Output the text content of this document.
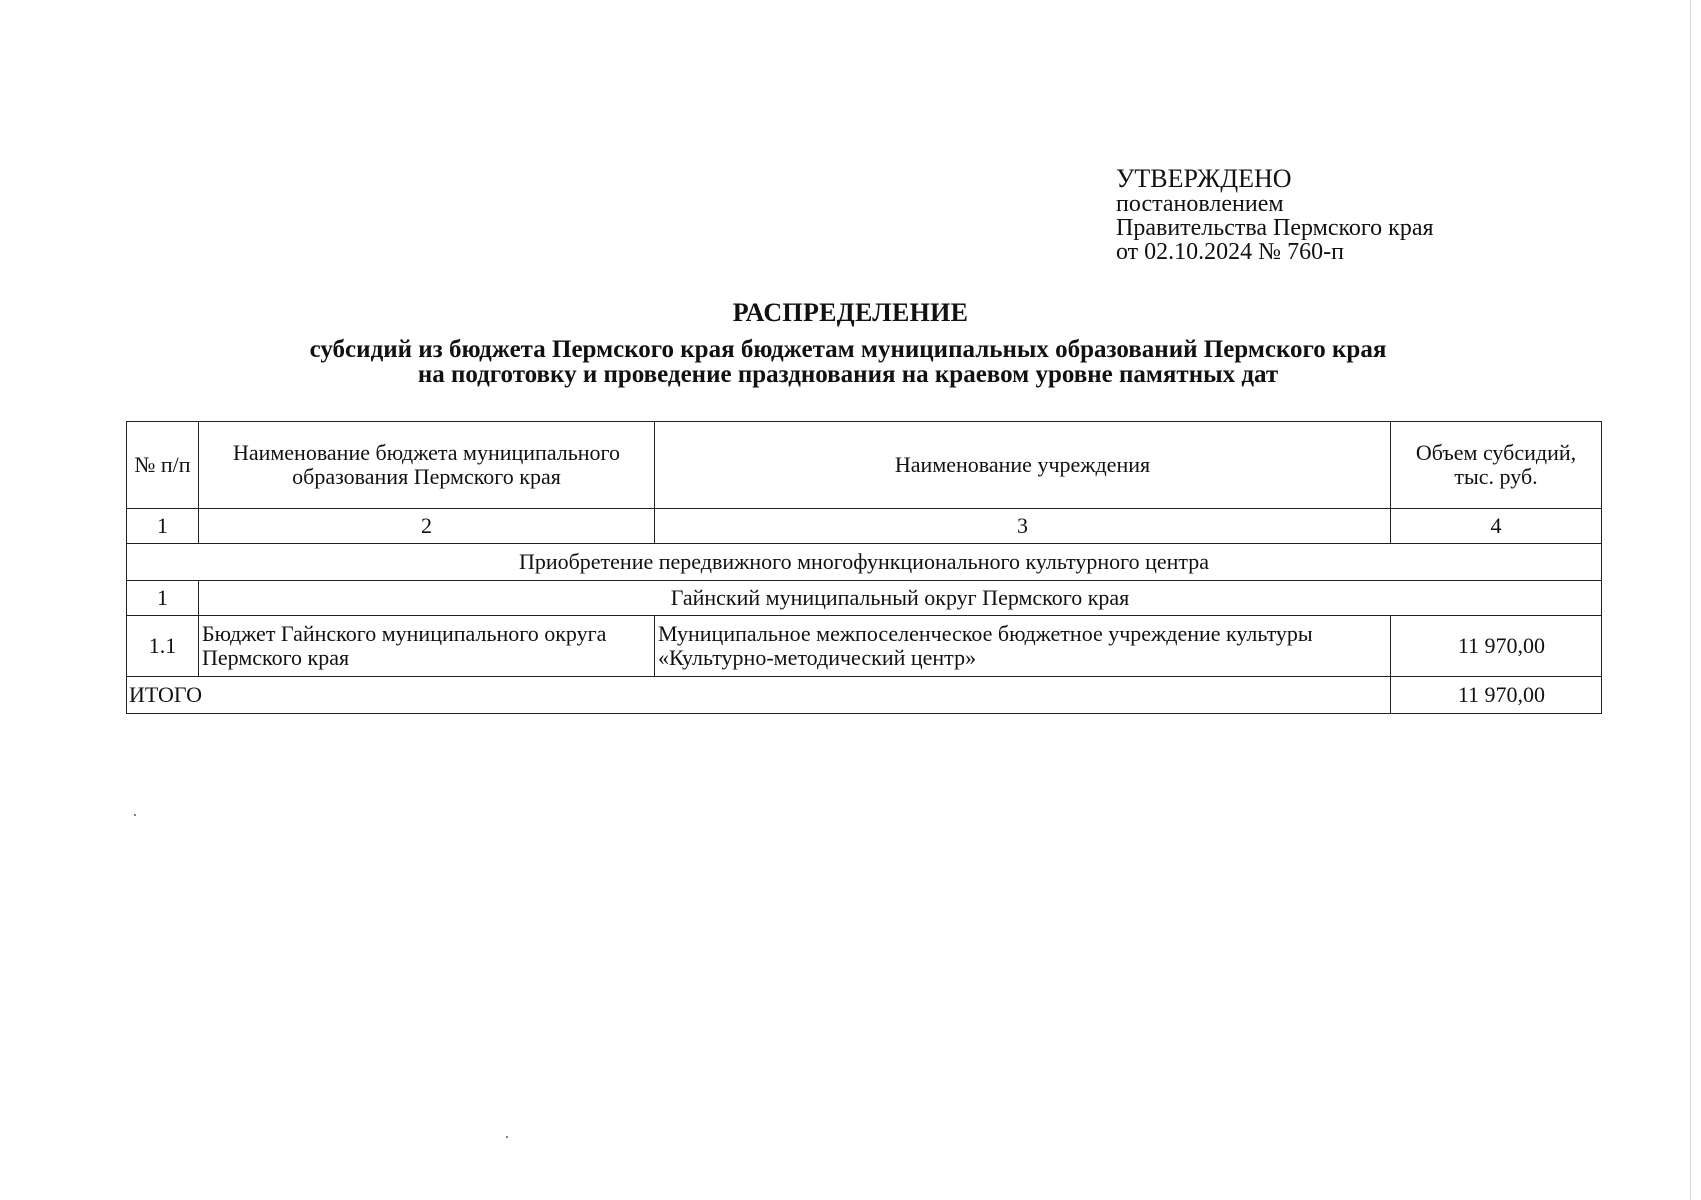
УТВЕРЖДЕНО
постановлением
Правительства Пермского края
от 02.10.2024 № 760-п
РАСПРЕДЕЛЕНИЕ
субсидий из бюджета Пермского края бюджетам муниципальных образований Пермского края
на подготовку и проведение празднования на краевом уровне памятных дат
№ п/п	Наименование бюджета муниципального образования Пермского края	Наименование учреждения	Объем субсидий, тыс. руб.
1	2	3	4
Приобретение передвижного многофункционального культурного центра			
1	Гайнский муниципальный округ Пермского края		
1.1	Бюджет Гайнского муниципального округа Пермского края	Муниципальное межпоселенческое бюджетное учреждение культуры «Культурно-методический центр»	11 970,00
ИТОГО			11 970,00
